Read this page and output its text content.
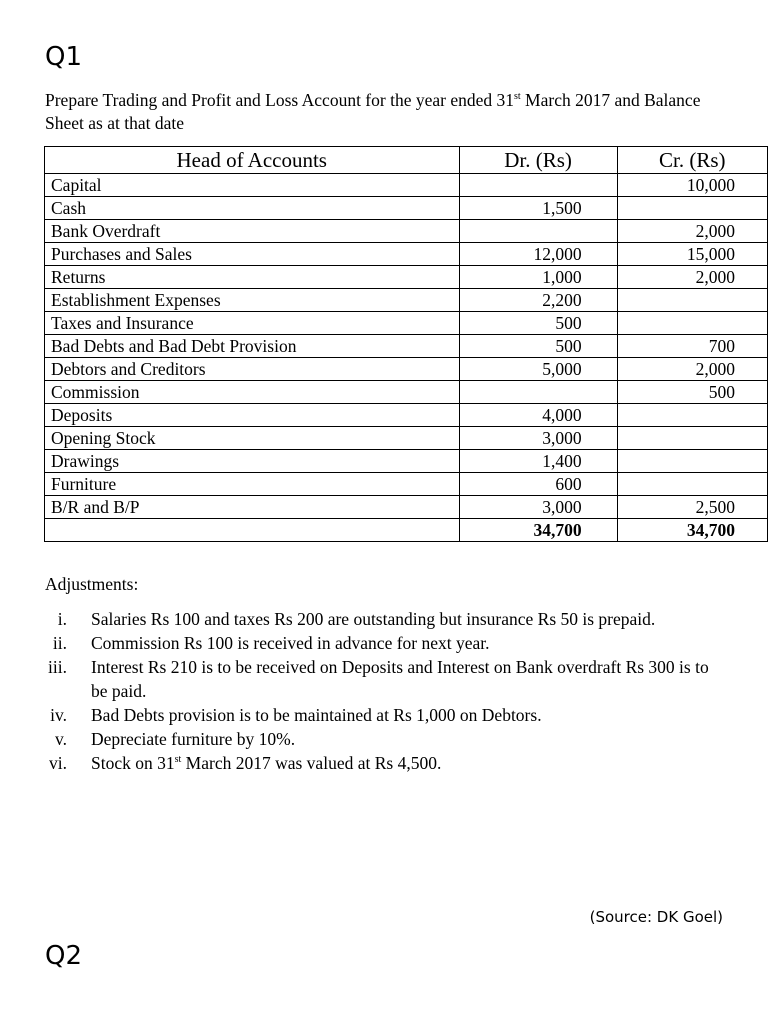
Q1
Prepare Trading and Profit and Loss Account for the year ended 31st March 2017 and Balance Sheet as at that date
Head of Accounts	Dr. (Rs)	Cr. (Rs)
Capital		10,000
Cash	1,500	
Bank Overdraft		2,000
Purchases and Sales	12,000	15,000
Returns	1,000	2,000
Establishment Expenses	2,200	
Taxes and Insurance	500	
Bad Debts and Bad Debt Provision	500	700
Debtors and Creditors	5,000	2,000
Commission		500
Deposits	4,000	
Opening Stock	3,000	
Drawings	1,400	
Furniture	600	
B/R and B/P	3,000	2,500
	34,700	34,700
Adjustments:
i.	Salaries Rs 100 and taxes Rs 200 are outstanding but insurance Rs 50 is prepaid.
ii.	Commission Rs 100 is received in advance for next year.
iii.	Interest Rs 210 is to be received on Deposits and Interest on Bank overdraft Rs 300 is to be paid.
iv.	Bad Debts provision is to be maintained at Rs 1,000 on Debtors.
v.	Depreciate furniture by 10%.
vi.	Stock on 31st March 2017 was valued at Rs 4,500.
(Source: DK Goel)
Q2
